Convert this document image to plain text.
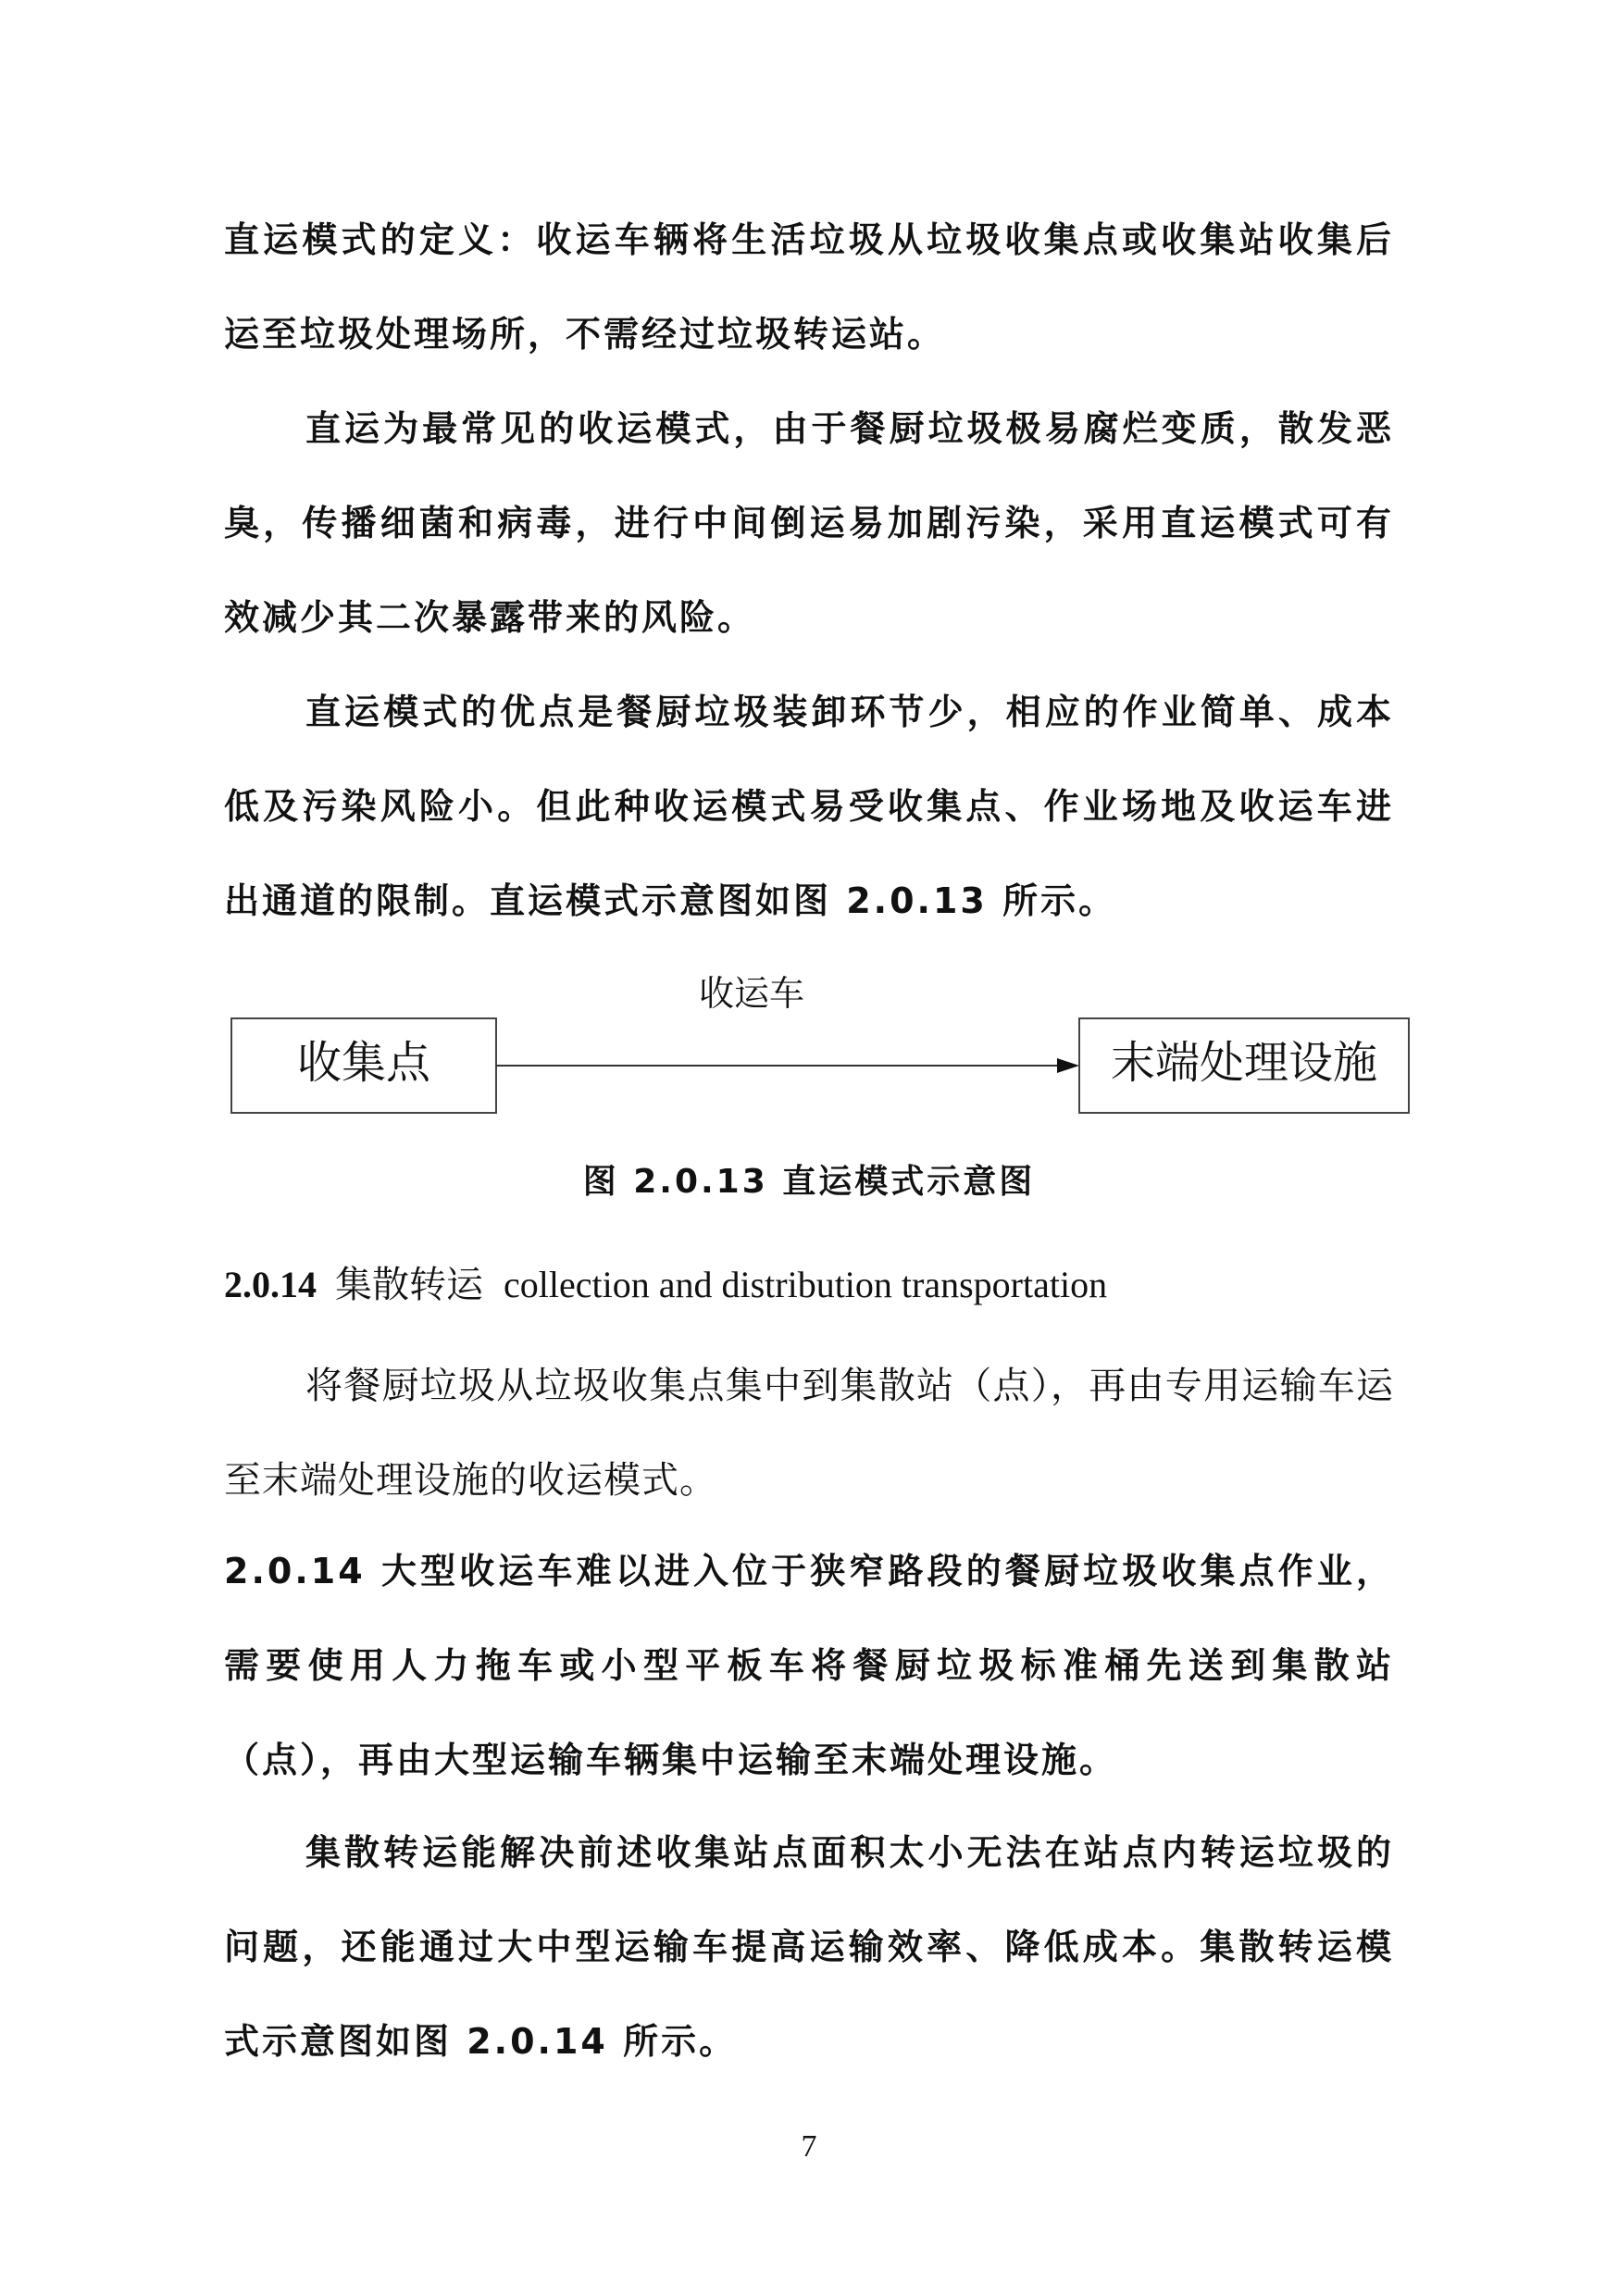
直运模式的定义：收运车辆将生活垃圾从垃圾收集点或收集站收集后运至垃圾处理场所，不需经过垃圾转运站。

直运为最常见的收运模式，由于餐厨垃圾极易腐烂变质，散发恶臭，传播细菌和病毒，进行中间倒运易加剧污染，采用直运模式可有效减少其二次暴露带来的风险。

直运模式的优点是餐厨垃圾装卸环节少，相应的作业简单、成本低及污染风险小。但此种收运模式易受收集点、作业场地及收运车进出通道的限制。直运模式示意图如图 2.0.13 所示。

收集点
收运车
末端处理设施
图 2.0.13 直运模式示意图
2.0.14 集散转运 collection and distribution transportation

将餐厨垃圾从垃圾收集点集中到集散站（点），再由专用运输车运至末端处理设施的收运模式。

2.0.14 大型收运车难以进入位于狭窄路段的餐厨垃圾收集点作业，需要使用人力拖车或小型平板车将餐厨垃圾标准桶先送到集散站（点），再由大型运输车辆集中运输至末端处理设施。

集散转运能解决前述收集站点面积太小无法在站点内转运垃圾的问题，还能通过大中型运输车提高运输效率、降低成本。集散转运模式示意图如图 2.0.14 所示。

7
